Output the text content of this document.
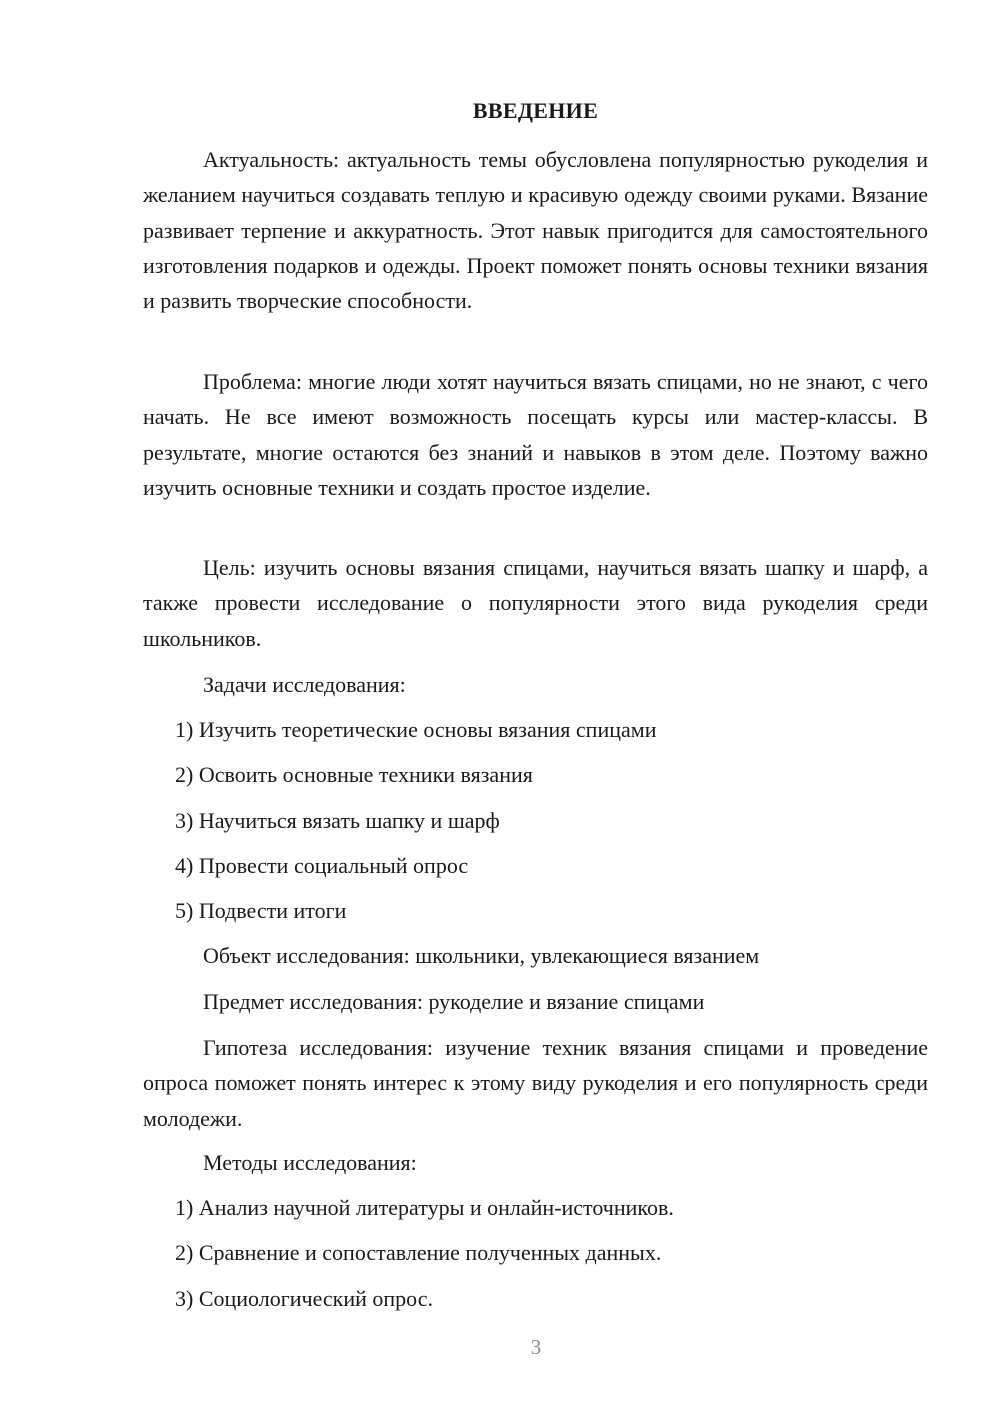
ВВЕДЕНИЕ

Актуальность: актуальность темы обусловлена популярностью рукоделия и желанием научиться создавать теплую и красивую одежду своими руками. Вязание развивает терпение и аккуратность. Этот навык пригодится для самостоятельного изготовления подарков и одежды. Проект поможет понять основы техники вязания и развить творческие способности.

Проблема: многие люди хотят научиться вязать спицами, но не знают, с чего начать. Не все имеют возможность посещать курсы или мастер-классы. В результате, многие остаются без знаний и навыков в этом деле. Поэтому важно изучить основные техники и создать простое изделие.

Цель: изучить основы вязания спицами, научиться вязать шапку и шарф, а также провести исследование о популярности этого вида рукоделия среди школьников.

Задачи исследования:

1) Изучить теоретические основы вязания спицами

2) Освоить основные техники вязания

3) Научиться вязать шапку и шарф

4) Провести социальный опрос

5) Подвести итоги

Объект исследования: школьники, увлекающиеся вязанием

Предмет исследования: рукоделие и вязание спицами

Гипотеза исследования: изучение техник вязания спицами и проведение опроса поможет понять интерес к этому виду рукоделия и его популярность среди молодежи.

Методы исследования:

1) Анализ научной литературы и онлайн-источников.

2) Сравнение и сопоставление полученных данных.

3) Социологический опрос.

3
